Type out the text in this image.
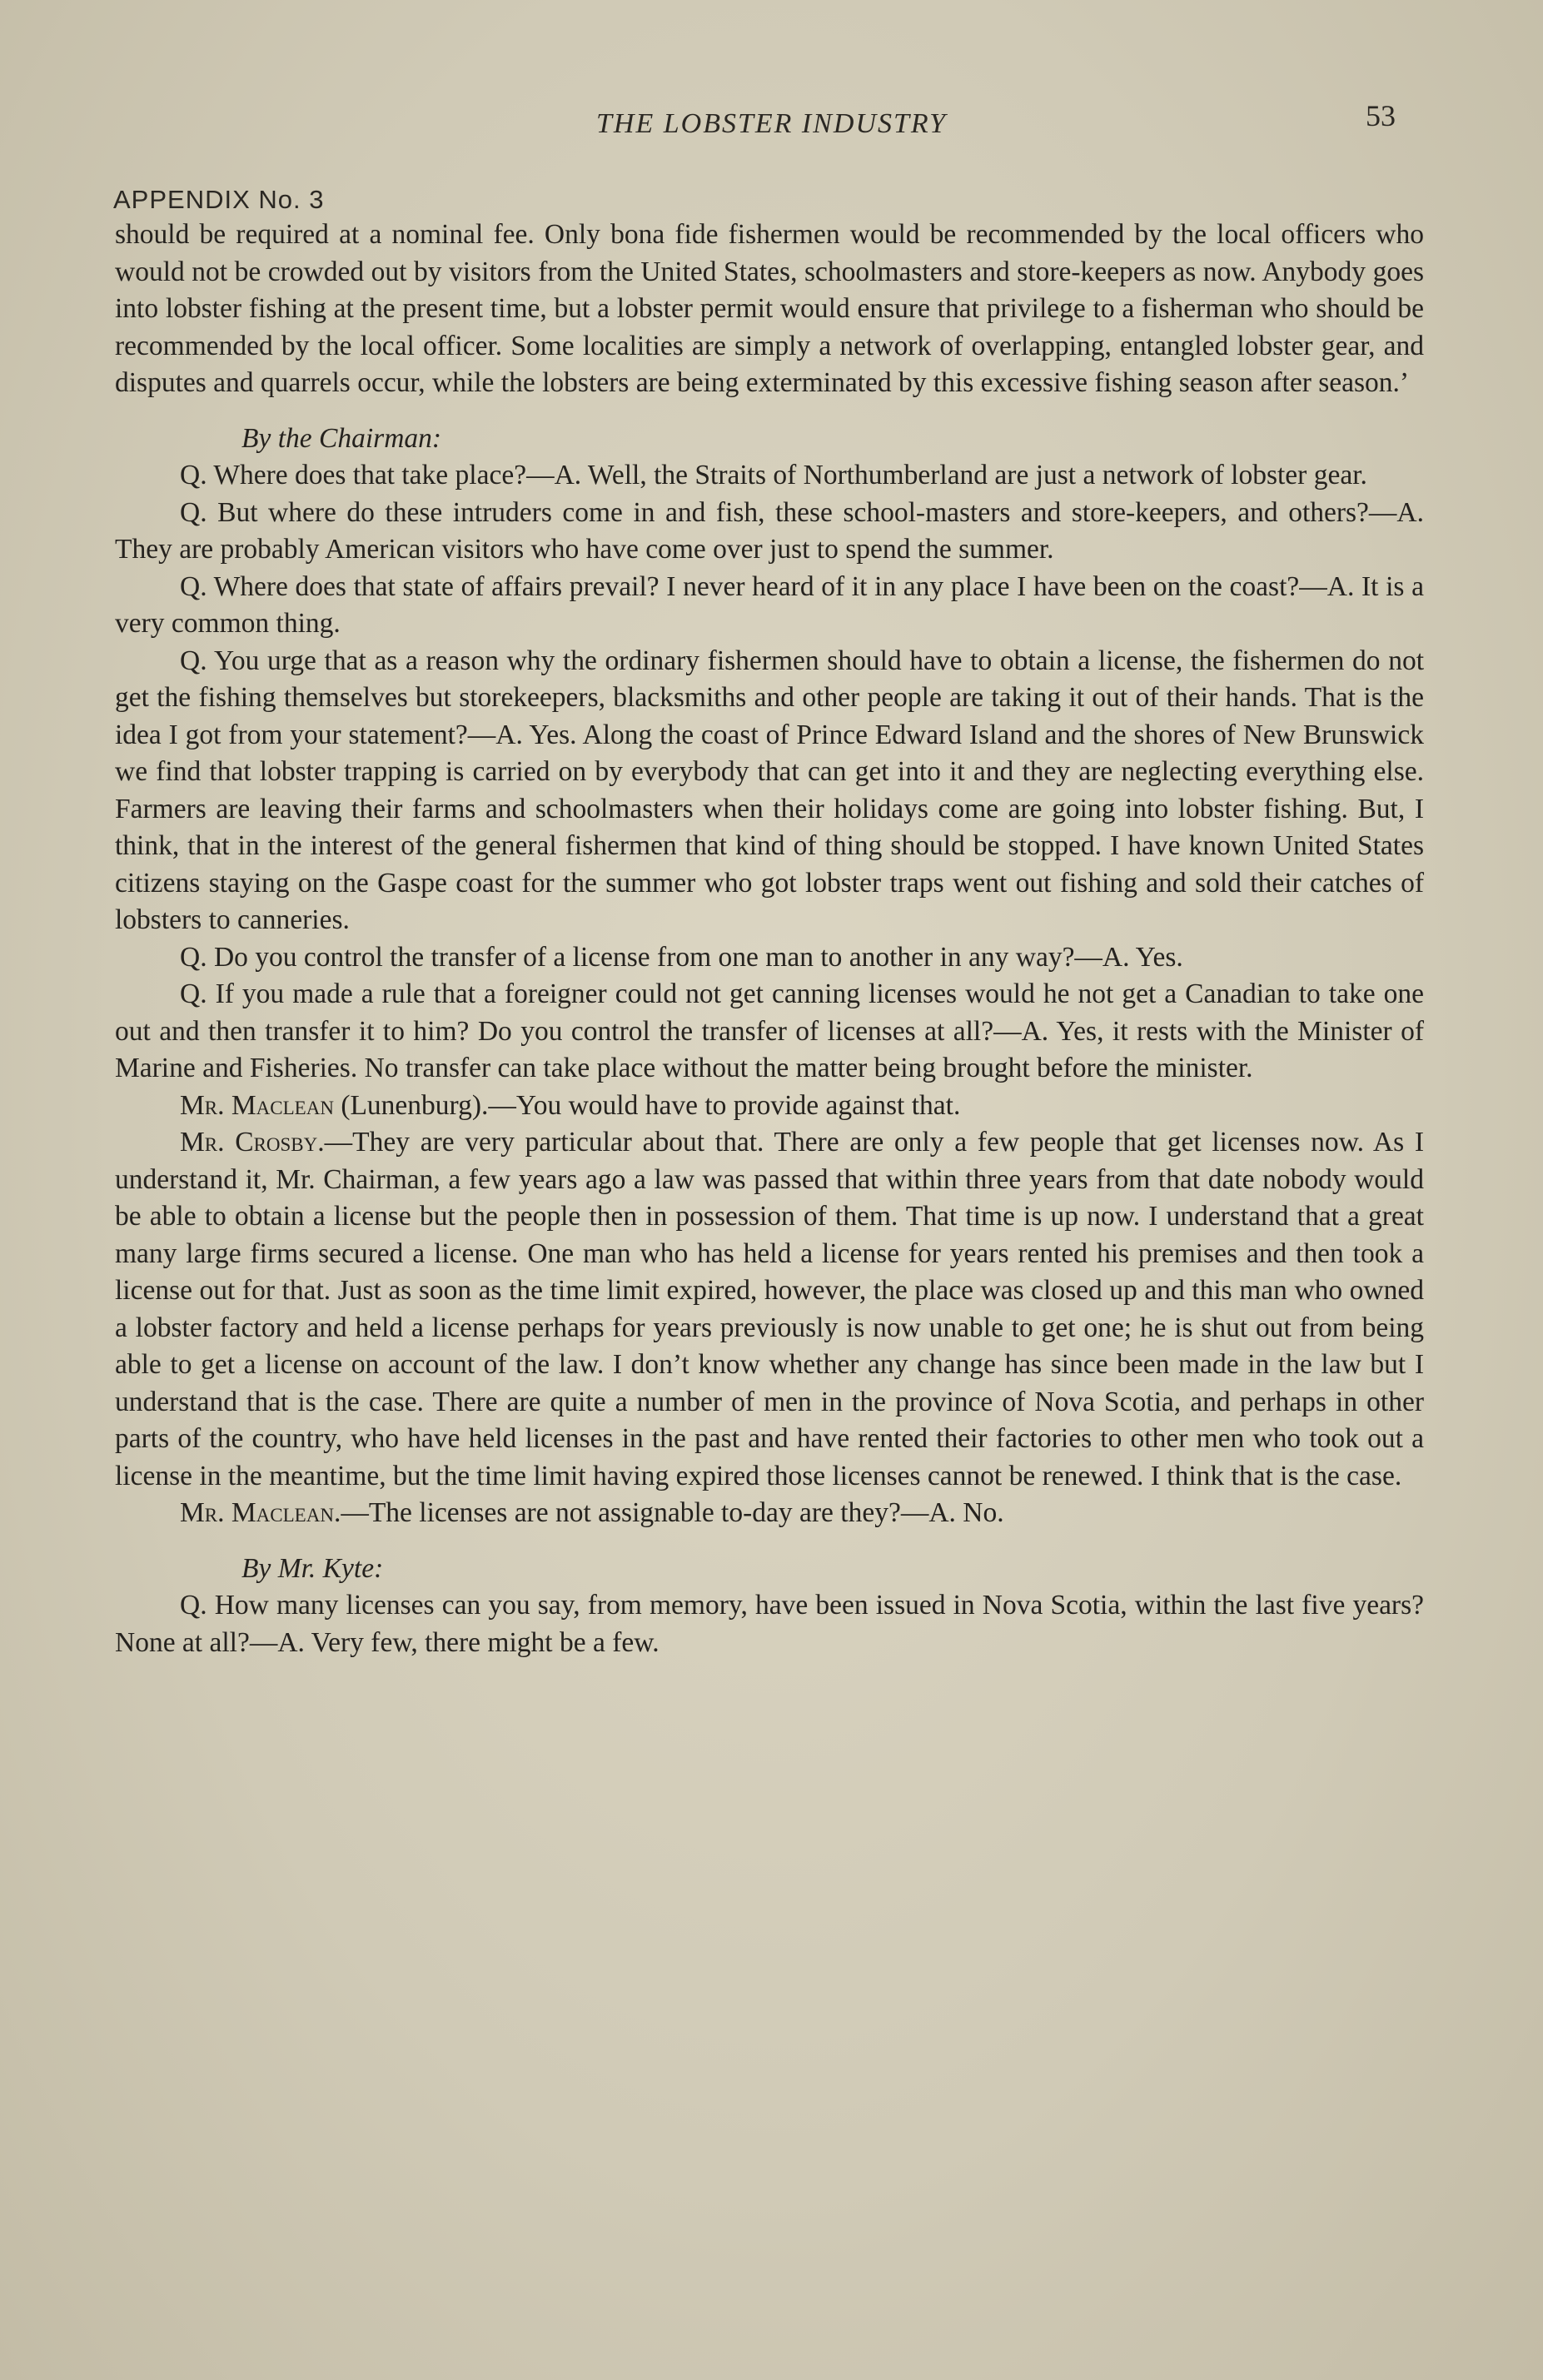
THE LOBSTER INDUSTRY	53
APPENDIX No. 3

should be required at a nominal fee. Only bona fide fishermen would be recommended by the local officers who would not be crowded out by visitors from the United States, schoolmasters and store-keepers as now. Anybody goes into lobster fishing at the present time, but a lobster permit would ensure that privilege to a fisherman who should be recommended by the local officer. Some localities are simply a network of overlapping, entangled lobster gear, and disputes and quarrels occur, while the lobsters are being exterminated by this excessive fishing season after season.’

By the Chairman:

Q. Where does that take place?—A. Well, the Straits of Northumberland are just a network of lobster gear.

Q. But where do these intruders come in and fish, these school-masters and store-keepers, and others?—A. They are probably American visitors who have come over just to spend the summer.

Q. Where does that state of affairs prevail? I never heard of it in any place I have been on the coast?—A. It is a very common thing.

Q. You urge that as a reason why the ordinary fishermen should have to obtain a license, the fishermen do not get the fishing themselves but storekeepers, blacksmiths and other people are taking it out of their hands. That is the idea I got from your statement?—A. Yes. Along the coast of Prince Edward Island and the shores of New Brunswick we find that lobster trapping is carried on by everybody that can get into it and they are neglecting everything else. Farmers are leaving their farms and schoolmasters when their holidays come are going into lobster fishing. But, I think, that in the interest of the general fishermen that kind of thing should be stopped. I have known United States citizens staying on the Gaspe coast for the summer who got lobster traps went out fishing and sold their catches of lobsters to canneries.

Q. Do you control the transfer of a license from one man to another in any way?—A. Yes.

Q. If you made a rule that a foreigner could not get canning licenses would he not get a Canadian to take one out and then transfer it to him? Do you control the transfer of licenses at all?—A. Yes, it rests with the Minister of Marine and Fisheries. No transfer can take place without the matter being brought before the minister.

Mr. Maclean (Lunenburg).—You would have to provide against that.

Mr. Crosby.—They are very particular about that. There are only a few people that get licenses now. As I understand it, Mr. Chairman, a few years ago a law was passed that within three years from that date nobody would be able to obtain a license but the people then in possession of them. That time is up now. I understand that a great many large firms secured a license. One man who has held a license for years rented his premises and then took a license out for that. Just as soon as the time limit expired, however, the place was closed up and this man who owned a lobster factory and held a license perhaps for years previously is now unable to get one; he is shut out from being able to get a license on account of the law. I don’t know whether any change has since been made in the law but I understand that is the case. There are quite a number of men in the province of Nova Scotia, and perhaps in other parts of the country, who have held licenses in the past and have rented their factories to other men who took out a license in the meantime, but the time limit having expired those licenses cannot be renewed. I think that is the case.

Mr. Maclean.—The licenses are not assignable to-day are they?—A. No.

By Mr. Kyte:

Q. How many licenses can you say, from memory, have been issued in Nova Scotia, within the last five years? None at all?—A. Very few, there might be a few.
